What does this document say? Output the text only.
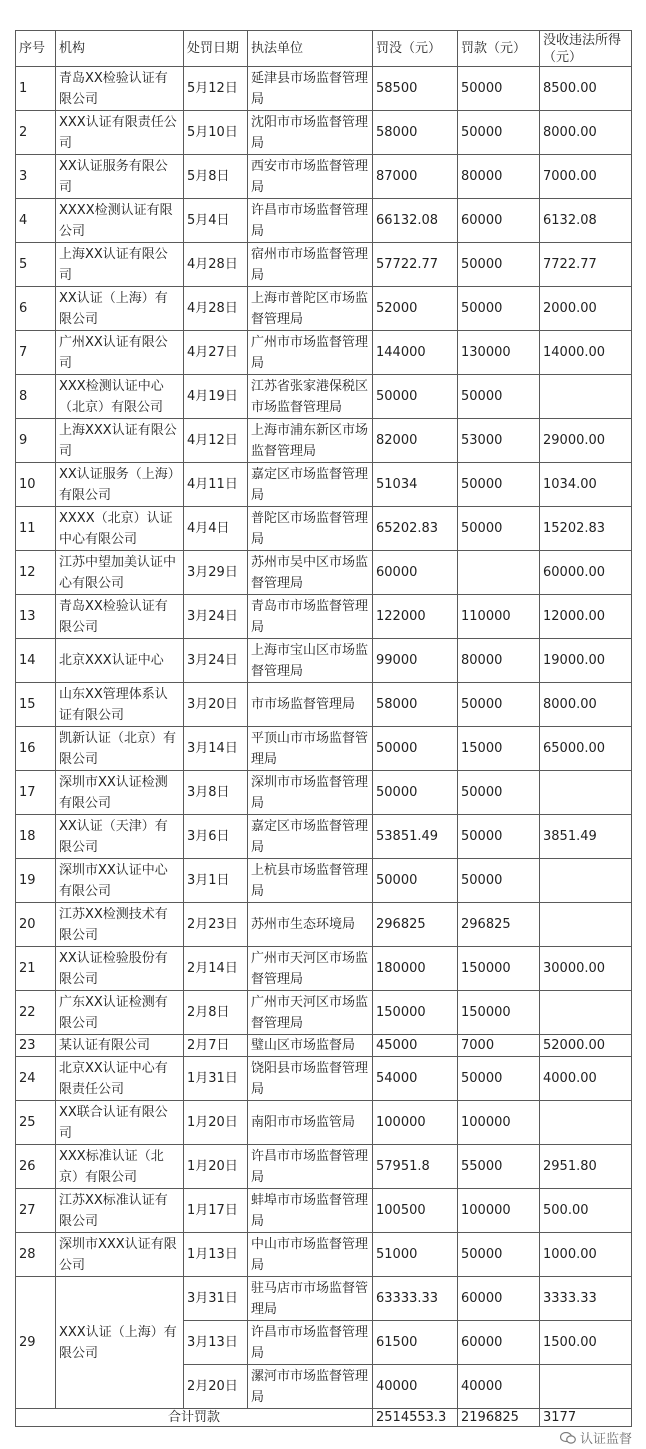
序号	机构	处罚日期	执法单位	罚没（元）	罚款（元）	没收违法所得（元）
1	青岛XX检验认证有限公司	5月12日	延津县市场监督管理局	58500	50000	8500.00
2	XXX认证有限责任公司	5月10日	沈阳市市场监督管理局	58000	50000	8000.00
3	XX认证服务有限公司	5月8日	西安市市场监督管理局	87000	80000	7000.00
4	XXXX检测认证有限公司	5月4日	许昌市市场监督管理局	66132.08	60000	6132.08
5	上海XX认证有限公司	4月28日	宿州市市场监督管理局	57722.77	50000	7722.77
6	XX认证（上海）有限公司	4月28日	上海市普陀区市场监督管理局	52000	50000	2000.00
7	广州XX认证有限公司	4月27日	广州市市场监督管理局	144000	130000	14000.00
8	XXX检测认证中心（北京）有限公司	4月19日	江苏省张家港保税区市场监督管理局	50000	50000	
9	上海XXX认证有限公司	4月12日	上海市浦东新区市场监督管理局	82000	53000	29000.00
10	XX认证服务（上海）有限公司	4月11日	嘉定区市场监督管理局	51034	50000	1034.00
11	XXXX（北京）认证中心有限公司	4月4日	普陀区市场监督管理局	65202.83	50000	15202.83
12	江苏中望加美认证中心有限公司	3月29日	苏州市吴中区市场监督管理局	60000		60000.00
13	青岛XX检验认证有限公司	3月24日	青岛市市场监督管理局	122000	110000	12000.00
14	北京XXX认证中心	3月24日	上海市宝山区市场监督管理局	99000	80000	19000.00
15	山东XX管理体系认证有限公司	3月20日	市市场监督管理局	58000	50000	8000.00
16	凯新认证（北京）有限公司	3月14日	平顶山市市场监督管理局	50000	15000	65000.00
17	深圳市XX认证检测有限公司	3月8日	深圳市市场监督管理局	50000	50000	
18	XX认证（天津）有限公司	3月6日	嘉定区市场监督管理局	53851.49	50000	3851.49
19	深圳市XX认证中心有限公司	3月1日	上杭县市场监督管理局	50000	50000	
20	江苏XX检测技术有限公司	2月23日	苏州市生态环境局	296825	296825	
21	XX认证检验股份有限公司	2月14日	广州市天河区市场监督管理局	180000	150000	30000.00
22	广东XX认证检测有限公司	2月8日	广州市天河区市场监督管理局	150000	150000	
23	某认证有限公司	2月7日	璧山区市场监督局	45000	7000	52000.00
24	北京XX认证中心有限责任公司	1月31日	饶阳县市场监督管理局	54000	50000	4000.00
25	XX联合认证有限公司	1月20日	南阳市市场监管局	100000	100000	
26	XXX标准认证（北京）有限公司	1月20日	许昌市市场监督管理局	57951.8	55000	2951.80
27	江苏XX标准认证有限公司	1月17日	蚌埠市市场监督管理局	100500	100000	500.00
28	深圳市XXX认证有限公司	1月13日	中山市市场监督管理局	51000	50000	1000.00
29	XXX认证（上海）有限公司	3月31日	驻马店市市场监督管理局	63333.33	60000	3333.33
		3月13日	许昌市市场监督管理局	61500	60000	1500.00
		2月20日	漯河市市场监督管理局	40000	40000	
合计罚款				2514553.3	2196825	3177
认证监督
